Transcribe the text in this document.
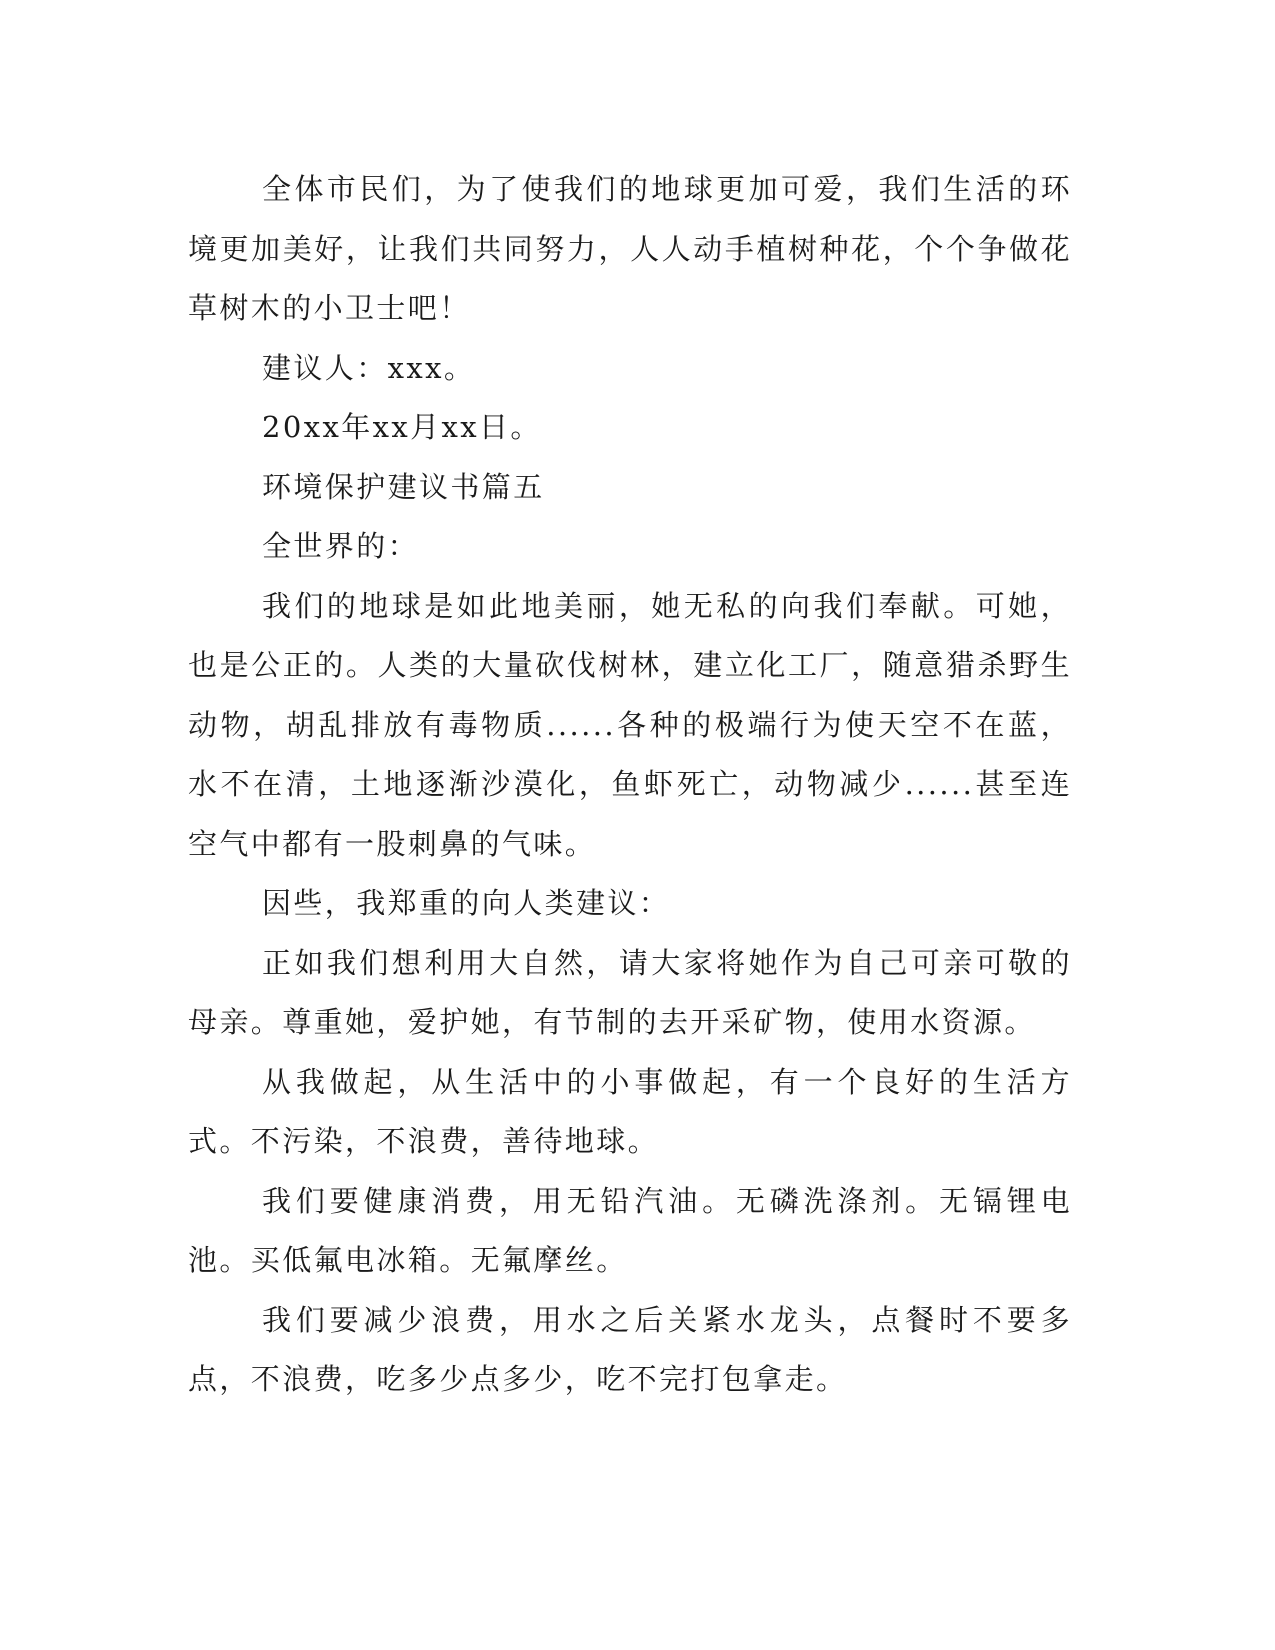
全体市民们，为了使我们的地球更加可爱，我们生活的环境更加美好，让我们共同努力，人人动手植树种花，个个争做花草树木的小卫士吧！

建议人：xxx。

20xx年xx月xx日。

环境保护建议书篇五

全世界的：

我们的地球是如此地美丽，她无私的向我们奉献。可她，也是公正的。人类的大量砍伐树林，建立化工厂，随意猎杀野生动物，胡乱排放有毒物质......各种的极端行为使天空不在蓝，水不在清，土地逐渐沙漠化，鱼虾死亡，动物减少......甚至连空气中都有一股刺鼻的气味。

因些，我郑重的向人类建议：

正如我们想利用大自然，请大家将她作为自己可亲可敬的母亲。尊重她，爱护她，有节制的去开采矿物，使用水资源。

从我做起，从生活中的小事做起，有一个良好的生活方式。不污染，不浪费，善待地球。

我们要健康消费，用无铅汽油。无磷洗涤剂。无镉锂电池。买低氟电冰箱。无氟摩丝。

我们要减少浪费，用水之后关紧水龙头，点餐时不要多点，不浪费，吃多少点多少，吃不完打包拿走。
